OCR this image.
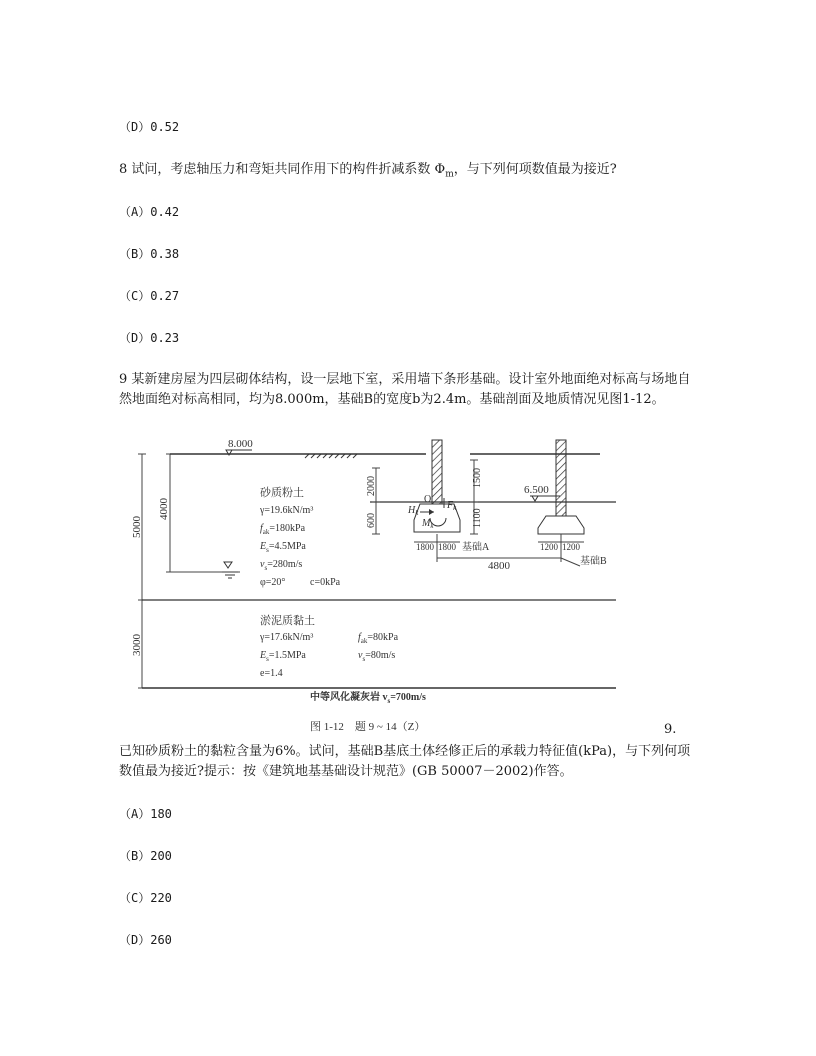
（D）0.52
8 试问，考虑轴压力和弯矩共同作用下的构件折减系数 $\Phi_m$，与下列何项数值最为接近?
（A）0.42
（B）0.38
（C）0.27
（D）0.23
9 某新建房屋为四层砌体结构，设一层地下室，采用墙下条形基础。设计室外地面绝对标高与场地自然地面绝对标高相同，均为8.000m，基础B的宽度b为2.4m。基础剖面及地质情况见图1-12。
8.000
5000
4000
3000
砂质粉土
γ=19.6kN/m³
$f_{ak}=180kPa$
$E_s=4.5MPa$
$v_s=280m/s$
φ=20° c=0kPa
淤泥质黏土
γ=17.6kN/m³	$f_{ak}=80kPa$
$E_s=1.5MPa$	$v_s=80m/s$
e=1.4
中等风化凝灰岩 $v_s=700m/s$
6.500
2000
600
1500
1100
1800 1800	1200 1200
4800
基础A
基础B
O
$H_k$
$F_k$
$M_k$
图 1-12　题 9 ~ 14（Z）	9.
已知砂质粉土的黏粒含量为6%。试问，基础B基底土体经修正后的承载力特征值(kPa)，与下列何项数值最为接近?提示：按《建筑地基基础设计规范》(GB 50007－2002)作答。
（A）180
（B）200
（C）220
（D）260
